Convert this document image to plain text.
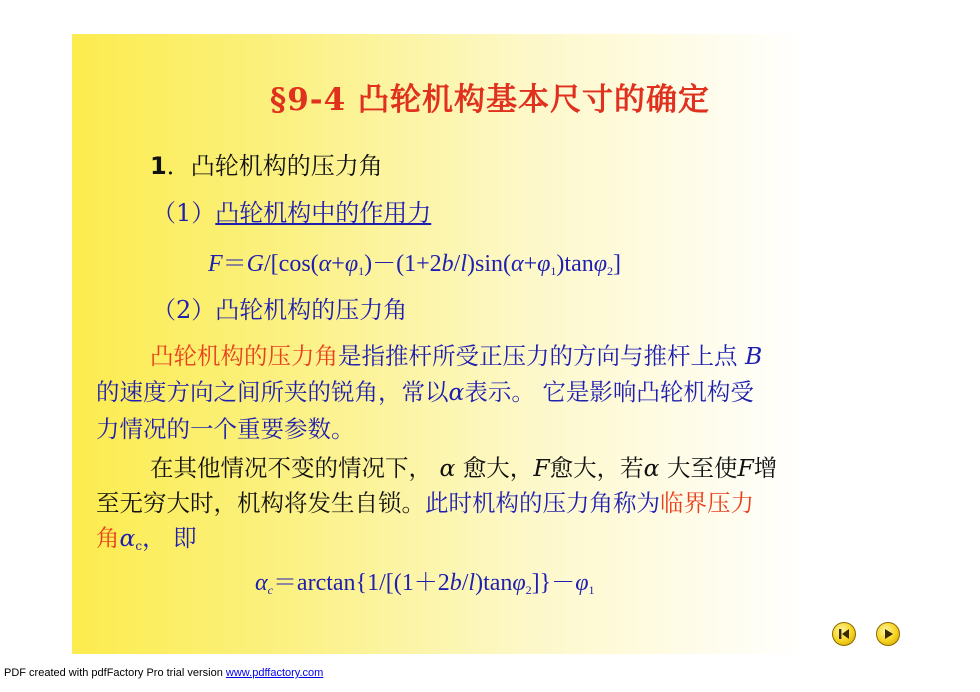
§9-4 凸轮机构基本尺寸的确定
1．凸轮机构的压力角
（1）凸轮机构中的作用力
$F=G/[\cos(\alpha+\varphi_1)-(1+2b/l)\sin(\alpha+\varphi_1)\tan\varphi_2]$
（2）凸轮机构的压力角
凸轮机构的压力角是指推杆所受正压力的方向与推杆上点 B
的速度方向之间所夹的锐角，常以α表示。 它是影响凸轮机构受
力情况的一个重要参数。
在其他情况不变的情况下， α 愈大，F愈大，若α 大至使F增
至无穷大时，机构将发生自锁。此时机构的压力角称为临界压力
角$\alpha_c$， 即
$\alpha_c=\arctan\{1/[(1+2b/l)\tan\varphi_2]\}-\varphi_1$
PDF created with pdfFactory Pro trial version www.pdffactory.com
